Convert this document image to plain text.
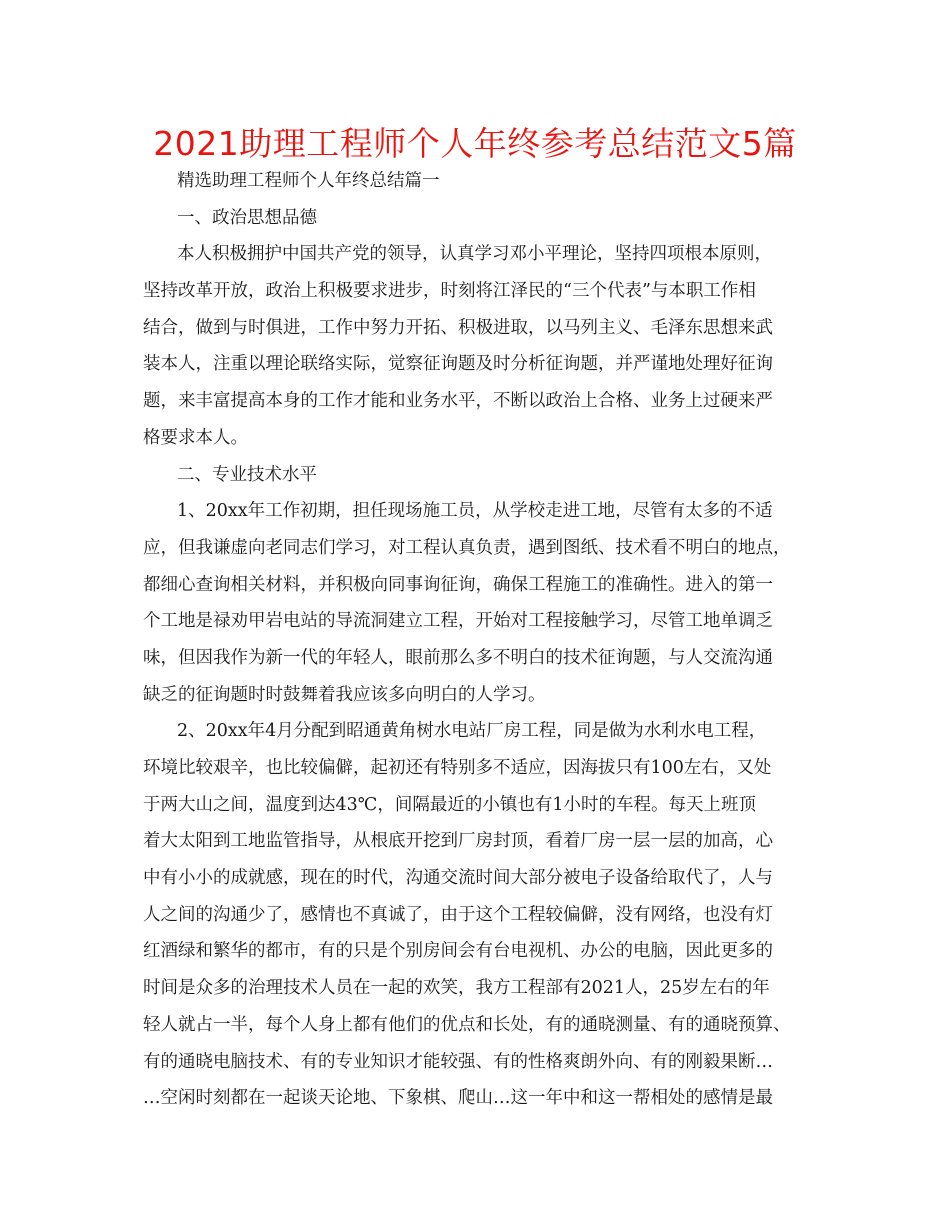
2021助理工程师个人年终参考总结范文5篇
精选助理工程师个人年终总结篇一
一、政治思想品德
本人积极拥护中国共产党的领导，认真学习邓小平理论，坚持四项根本原则，
坚持改革开放，政治上积极要求进步，时刻将江泽民的“三个代表”与本职工作相
结合，做到与时俱进，工作中努力开拓、积极进取，以马列主义、毛泽东思想来武
装本人，注重以理论联络实际，觉察征询题及时分析征询题，并严谨地处理好征询
题，来丰富提高本身的工作才能和业务水平，不断以政治上合格、业务上过硬来严
格要求本人。
二、专业技术水平
1、20xx年工作初期，担任现场施工员，从学校走进工地，尽管有太多的不适
应，但我谦虚向老同志们学习，对工程认真负责，遇到图纸、技术看不明白的地点，
都细心查询相关材料，并积极向同事询征询，确保工程施工的准确性。进入的第一
个工地是禄劝甲岩电站的导流洞建立工程，开始对工程接触学习，尽管工地单调乏
味，但因我作为新一代的年轻人，眼前那么多不明白的技术征询题，与人交流沟通
缺乏的征询题时时鼓舞着我应该多向明白的人学习。
2、20xx年4月分配到昭通黄角树水电站厂房工程，同是做为水利水电工程，
环境比较艰辛，也比较偏僻，起初还有特别多不适应，因海拔只有100左右，又处
于两大山之间，温度到达43℃，间隔最近的小镇也有1小时的车程。每天上班顶
着大太阳到工地监管指导，从根底开挖到厂房封顶，看着厂房一层一层的加高，心
中有小小的成就感，现在的时代，沟通交流时间大部分被电子设备给取代了，人与
人之间的沟通少了，感情也不真诚了，由于这个工程较偏僻，没有网络，也没有灯
红酒绿和繁华的都市，有的只是个别房间会有台电视机、办公的电脑，因此更多的
时间是众多的治理技术人员在一起的欢笑，我方工程部有2021人，25岁左右的年
轻人就占一半，每个人身上都有他们的优点和长处，有的通晓测量、有的通晓预算、
有的通晓电脑技术、有的专业知识才能较强、有的性格爽朗外向、有的刚毅果断…
…空闲时刻都在一起谈天论地、下象棋、爬山…这一年中和这一帮相处的感情是最
